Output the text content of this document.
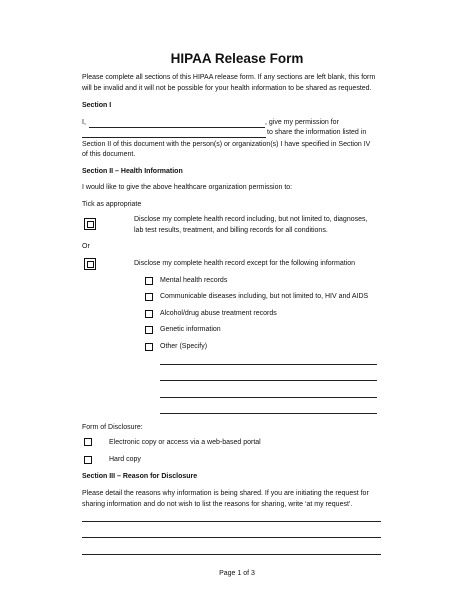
HIPAA Release Form
Please complete all sections of this HIPAA release form. If any sections are left blank, this form
will be invalid and it will not be possible for your health information to be shared as requested.
Section I
I,	, give my permission for
to share the information listed in
Section II of this document with the person(s) or organization(s) I have specified in Section IV
of this document.
Section II – Health Information
I would like to give the above healthcare organization permission to:
Tick as appropriate
Disclose my complete health record including, but not limited to, diagnoses,
lab test results, treatment, and billing records for all conditions.
Or
Disclose my complete health record except for the following information
Mental health records
Communicable diseases including, but not limited to, HIV and AIDS
Alcohol/drug abuse treatment records
Genetic information
Other (Specify)
Form of Disclosure:
Electronic copy or access via a web-based portal
Hard copy
Section III – Reason for Disclosure
Please detail the reasons why information is being shared. If you are initiating the request for
sharing information and do not wish to list the reasons for sharing, write ‘at my request’.
Page 1 of 3
